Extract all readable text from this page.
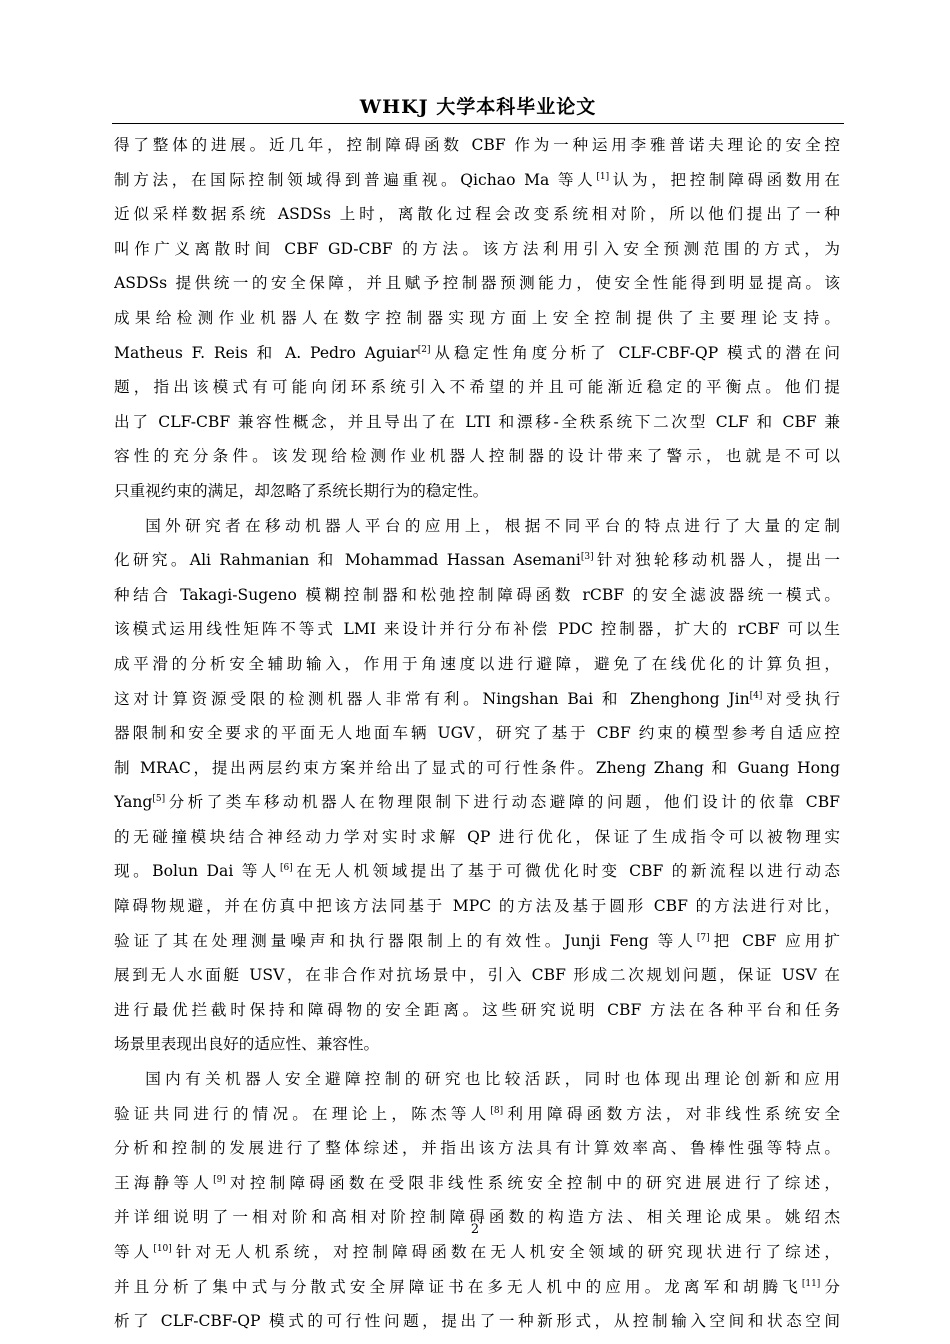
WHKJ 大学本科毕业论文
得了整体的进展。近几年，控制障碍函数 CBF 作为一种运用李雅普诺夫理论的安全控
制方法，在国际控制领域得到普遍重视。Qichao Ma 等人[1]认为，把控制障碍函数用在
近似采样数据系统 ASDSs 上时，离散化过程会改变系统相对阶，所以他们提出了一种
叫作广义离散时间 CBF GD-CBF 的方法。该方法利用引入安全预测范围的方式，为
ASDSs 提供统一的安全保障，并且赋予控制器预测能力，使安全性能得到明显提高。该
成果给检测作业机器人在数字控制器实现方面上安全控制提供了主要理论支持。
Matheus F. Reis 和 A. Pedro Aguiar[2]从稳定性角度分析了 CLF-CBF-QP 模式的潜在问
题，指出该模式有可能向闭环系统引入不希望的并且可能渐近稳定的平衡点。他们提
出了 CLF-CBF 兼容性概念，并且导出了在 LTI 和漂移-全秩系统下二次型 CLF 和 CBF 兼
容性的充分条件。该发现给检测作业机器人控制器的设计带来了警示，也就是不可以
只重视约束的满足，却忽略了系统长期行为的稳定性。
国外研究者在移动机器人平台的应用上，根据不同平台的特点进行了大量的定制
化研究。Ali Rahmanian 和 Mohammad Hassan Asemani[3]针对独轮移动机器人，提出一
种结合 Takagi-Sugeno 模糊控制器和松弛控制障碍函数 rCBF 的安全滤波器统一模式。
该模式运用线性矩阵不等式 LMI 来设计并行分布补偿 PDC 控制器，扩大的 rCBF 可以生
成平滑的分析安全辅助输入，作用于角速度以进行避障，避免了在线优化的计算负担，
这对计算资源受限的检测机器人非常有利。Ningshan Bai 和 Zhenghong Jin[4]对受执行
器限制和安全要求的平面无人地面车辆 UGV，研究了基于 CBF 约束的模型参考自适应控
制 MRAC，提出两层约束方案并给出了显式的可行性条件。Zheng Zhang 和 Guang Hong
Yang[5]分析了类车移动机器人在物理限制下进行动态避障的问题，他们设计的依靠 CBF
的无碰撞模块结合神经动力学对实时求解 QP 进行优化，保证了生成指令可以被物理实
现。Bolun Dai 等人[6]在无人机领域提出了基于可微优化时变 CBF 的新流程以进行动态
障碍物规避，并在仿真中把该方法同基于 MPC 的方法及基于圆形 CBF 的方法进行对比，
验证了其在处理测量噪声和执行器限制上的有效性。Junji Feng 等人[7]把 CBF 应用扩
展到无人水面艇 USV，在非合作对抗场景中，引入 CBF 形成二次规划问题，保证 USV 在
进行最优拦截时保持和障碍物的安全距离。这些研究说明 CBF 方法在各种平台和任务
场景里表现出良好的适应性、兼容性。
国内有关机器人安全避障控制的研究也比较活跃，同时也体现出理论创新和应用
验证共同进行的情况。在理论上，陈杰等人[8]利用障碍函数方法，对非线性系统安全
分析和控制的发展进行了整体综述，并指出该方法具有计算效率高、鲁棒性强等特点。
王海静等人[9]对控制障碍函数在受限非线性系统安全控制中的研究进展进行了综述，
并详细说明了一相对阶和高相对阶控制障碍函数的构造方法、相关理论成果。姚绍杰
等人[10]针对无人机系统，对控制障碍函数在无人机安全领域的研究现状进行了综述，
并且分析了集中式与分散式安全屏障证书在多无人机中的应用。龙离军和胡腾飞[11]分
析了 CLF-CBF-QP 模式的可行性问题，提出了一种新形式，从控制输入空间和状态空间
2
